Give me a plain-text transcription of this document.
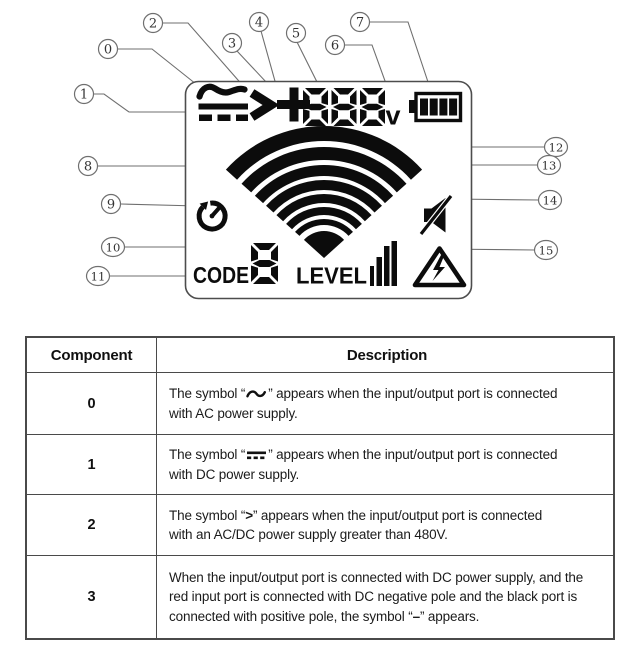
v
CODE LEVEL
0
1
2
3
4
5
6
7
8
9
10
11
12
13
14
15
Component	Description
0
The symbol “ ” appears when the input/output port is connected
with AC power supply.
1
The symbol “ ” appears when the input/output port is connected
with DC power supply.
2
The symbol “>” appears when the input/output port is connected
with an AC/DC power supply greater than 480V.
3
When the input/output port is connected with DC power supply, and the
red input port is connected with DC negative pole and the black port is
connected with positive pole, the symbol “–” appears.
